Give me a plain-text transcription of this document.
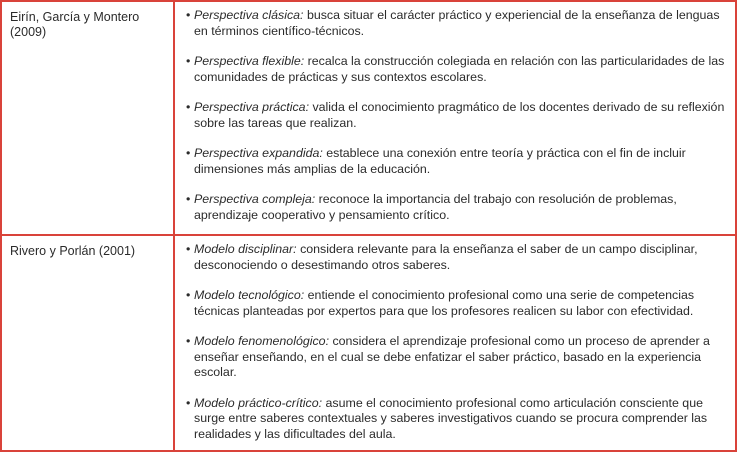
Eirín, García y Montero (2009)

• Perspectiva clásica: busca situar el carácter práctico y experiencial de la enseñanza de lenguas en términos científico-técnicos.

• Perspectiva flexible: recalca la construcción colegiada en relación con las particularidades de las comunidades de prácticas y sus contextos escolares.

• Perspectiva práctica: valida el conocimiento pragmático de los docentes derivado de su reflexión sobre las tareas que realizan.

• Perspectiva expandida: establece una conexión entre teoría y práctica con el fin de incluir dimensiones más amplias de la educación.

• Perspectiva compleja: reconoce la importancia del trabajo con resolución de problemas, aprendizaje cooperativo y pensamiento crítico.

Rivero y Porlán (2001)	• Modelo disciplinar: considera relevante para la enseñanza el saber de un campo disciplinar, desconociendo o desestimando otros saberes.

• Modelo tecnológico: entiende el conocimiento profesional como una serie de competencias técnicas planteadas por expertos para que los profesores realicen su labor con efectividad.

• Modelo fenomenológico: considera el aprendizaje profesional como un proceso de aprender a enseñar enseñando, en el cual se debe enfatizar el saber práctico, basado en la experiencia escolar.

• Modelo práctico-crítico: asume el conocimiento profesional como articulación consciente que surge entre saberes contextuales y saberes investigativos cuando se procura comprender las realidades y las dificultades del aula.
